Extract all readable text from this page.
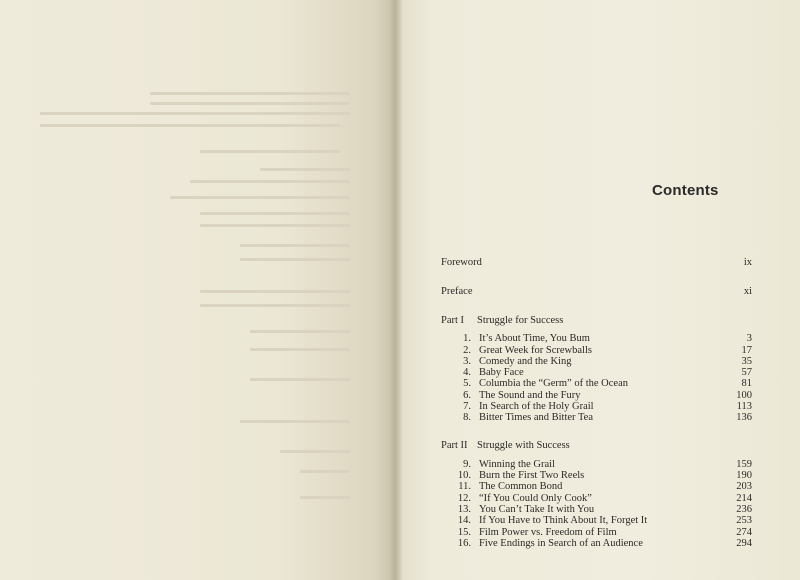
Contents
Foreword	ix
Preface	xi
Part I Struggle for Success
1. It’s About Time, You Bum	3
2. Great Week for Screwballs	17
3. Comedy and the King	35
4. Baby Face	57
5. Columbia the “Germ” of the Ocean	81
6. The Sound and the Fury	100
7. In Search of the Holy Grail	113
8. Bitter Times and Bitter Tea	136
Part II Struggle with Success
9. Winning the Grail	159
10. Burn the First Two Reels	190
11. The Common Bond	203
12. “If You Could Only Cook”	214
13. You Can’t Take It with You	236
14. If You Have to Think About It, Forget It	253
15. Film Power vs. Freedom of Film	274
16. Five Endings in Search of an Audience	294
